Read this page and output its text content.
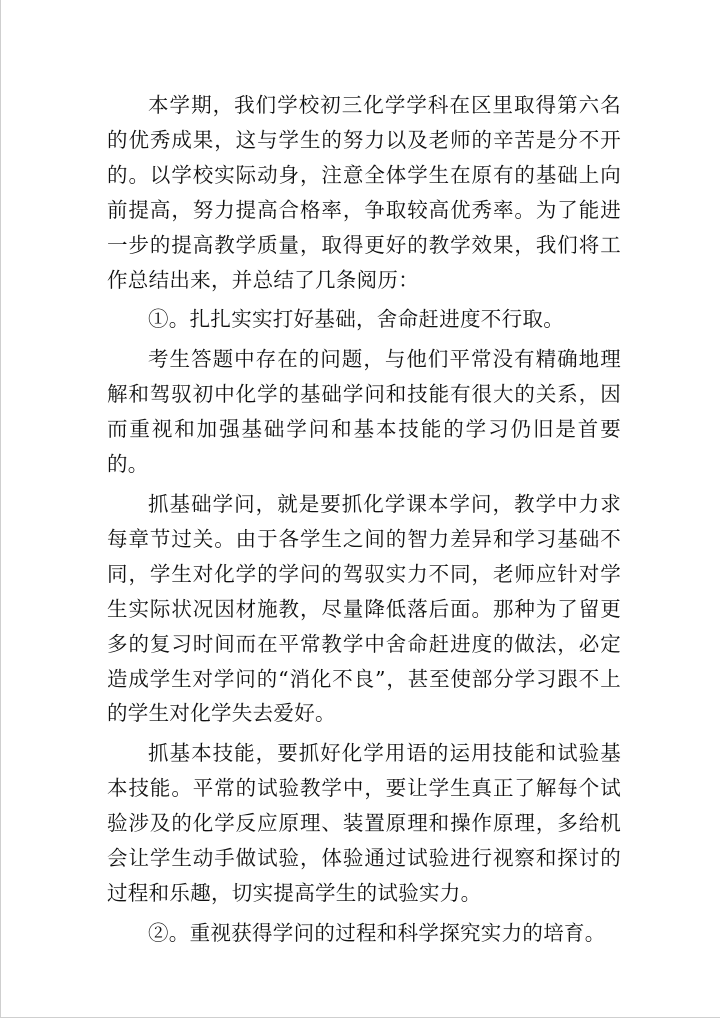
本学期，我们学校初三化学学科在区里取得第六名的优秀成果，这与学生的努力以及老师的辛苦是分不开的。以学校实际动身，注意全体学生在原有的基础上向前提高，努力提高合格率，争取较高优秀率。为了能进一步的提高教学质量，取得更好的教学效果，我们将工作总结出来，并总结了几条阅历：

①。扎扎实实打好基础，舍命赶进度不行取。

考生答题中存在的问题，与他们平常没有精确地理解和驾驭初中化学的基础学问和技能有很大的关系，因而重视和加强基础学问和基本技能的学习仍旧是首要的。

抓基础学问，就是要抓化学课本学问，教学中力求每章节过关。由于各学生之间的智力差异和学习基础不同，学生对化学的学问的驾驭实力不同，老师应针对学生实际状况因材施教，尽量降低落后面。那种为了留更多的复习时间而在平常教学中舍命赶进度的做法，必定造成学生对学问的“消化不良”，甚至使部分学习跟不上的学生对化学失去爱好。

抓基本技能，要抓好化学用语的运用技能和试验基本技能。平常的试验教学中，要让学生真正了解每个试验涉及的化学反应原理、装置原理和操作原理，多给机会让学生动手做试验，体验通过试验进行视察和探讨的过程和乐趣，切实提高学生的试验实力。

②。重视获得学问的过程和科学探究实力的培育。
